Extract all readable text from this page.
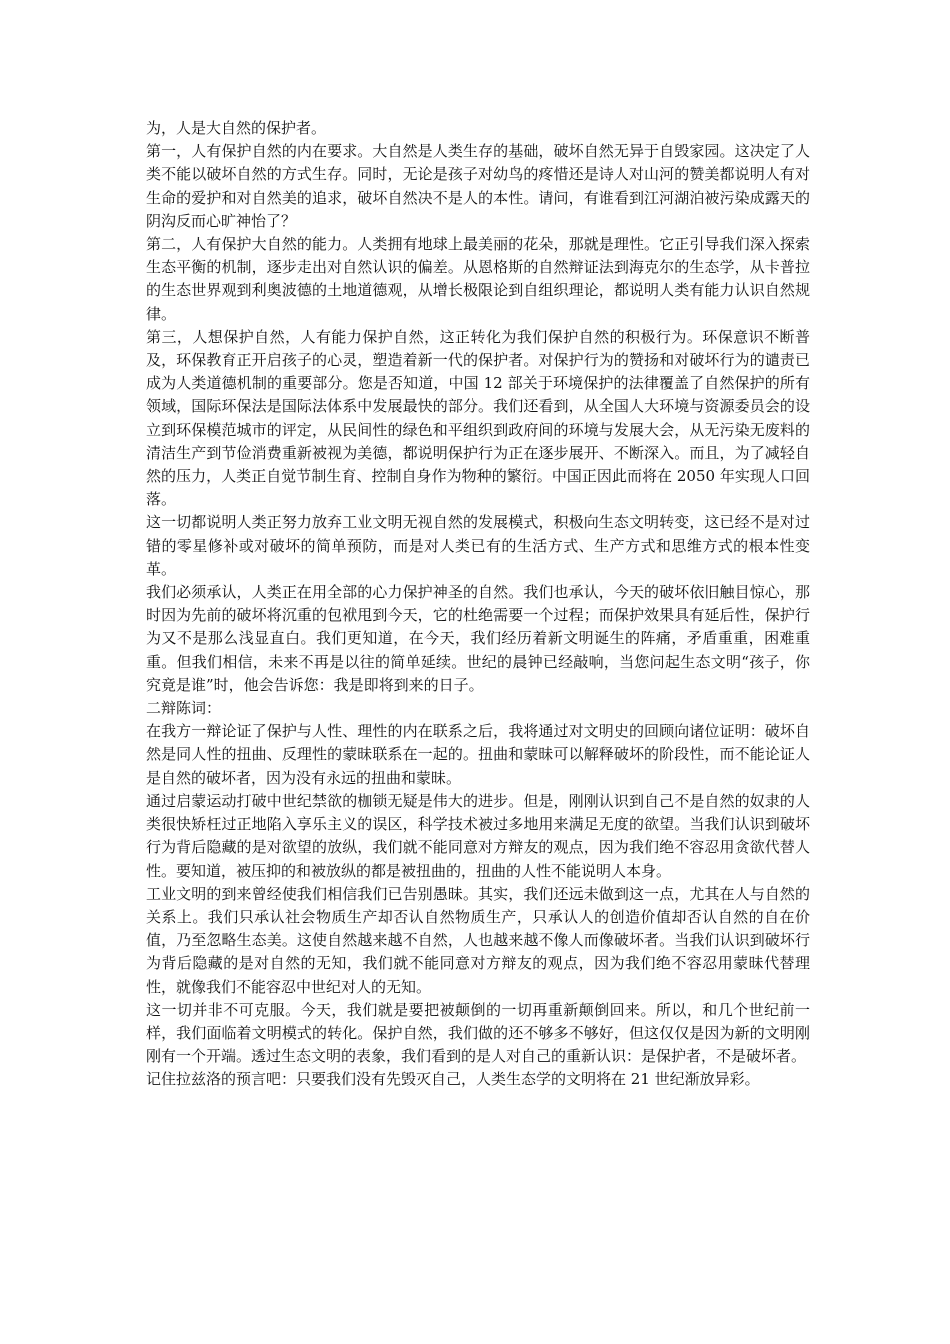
为，人是大自然的保护者。

第一，人有保护自然的内在要求。大自然是人类生存的基础，破坏自然无异于自毁家园。这决定了人类不能以破坏自然的方式生存。同时，无论是孩子对幼鸟的疼惜还是诗人对山河的赞美都说明人有对生命的爱护和对自然美的追求，破坏自然决不是人的本性。请问，有谁看到江河湖泊被污染成露天的阴沟反而心旷神怡了？

第二，人有保护大自然的能力。人类拥有地球上最美丽的花朵，那就是理性。它正引导我们深入探索生态平衡的机制，逐步走出对自然认识的偏差。从恩格斯的自然辩证法到海克尔的生态学，从卡普拉的生态世界观到利奥波德的土地道德观，从增长极限论到自组织理论，都说明人类有能力认识自然规律。

第三，人想保护自然，人有能力保护自然，这正转化为我们保护自然的积极行为。环保意识不断普及，环保教育正开启孩子的心灵，塑造着新一代的保护者。对保护行为的赞扬和对破坏行为的谴责已成为人类道德机制的重要部分。您是否知道，中国 12 部关于环境保护的法律覆盖了自然保护的所有领域，国际环保法是国际法体系中发展最快的部分。我们还看到，从全国人大环境与资源委员会的设立到环保模范城市的评定，从民间性的绿色和平组织到政府间的环境与发展大会，从无污染无废料的清洁生产到节俭消费重新被视为美德，都说明保护行为正在逐步展开、不断深入。而且，为了减轻自然的压力，人类正自觉节制生育、控制自身作为物种的繁衍。中国正因此而将在 2050 年实现人口回落。

这一切都说明人类正努力放弃工业文明无视自然的发展模式，积极向生态文明转变，这已经不是对过错的零星修补或对破坏的简单预防，而是对人类已有的生活方式、生产方式和思维方式的根本性变革。

我们必须承认，人类正在用全部的心力保护神圣的自然。我们也承认，今天的破坏依旧触目惊心，那时因为先前的破坏将沉重的包袱甩到今天，它的杜绝需要一个过程；而保护效果具有延后性，保护行为又不是那么浅显直白。我们更知道，在今天，我们经历着新文明诞生的阵痛，矛盾重重，困难重重。但我们相信，未来不再是以往的简单延续。世纪的晨钟已经敲响，当您问起生态文明“孩子，你究竟是谁”时，他会告诉您：我是即将到来的日子。

二辩陈词：

在我方一辩论证了保护与人性、理性的内在联系之后，我将通过对文明史的回顾向诸位证明：破坏自然是同人性的扭曲、反理性的蒙昧联系在一起的。扭曲和蒙昧可以解释破坏的阶段性，而不能论证人是自然的破坏者，因为没有永远的扭曲和蒙昧。

通过启蒙运动打破中世纪禁欲的枷锁无疑是伟大的进步。但是，刚刚认识到自己不是自然的奴隶的人类很快矫枉过正地陷入享乐主义的误区，科学技术被过多地用来满足无度的欲望。当我们认识到破坏行为背后隐藏的是对欲望的放纵，我们就不能同意对方辩友的观点，因为我们绝不容忍用贪欲代替人性。要知道，被压抑的和被放纵的都是被扭曲的，扭曲的人性不能说明人本身。

工业文明的到来曾经使我们相信我们已告别愚昧。其实，我们还远未做到这一点，尤其在人与自然的关系上。我们只承认社会物质生产却否认自然物质生产，只承认人的创造价值却否认自然的自在价值，乃至忽略生态美。这使自然越来越不自然，人也越来越不像人而像破坏者。当我们认识到破坏行为背后隐藏的是对自然的无知，我们就不能同意对方辩友的观点，因为我们绝不容忍用蒙昧代替理性，就像我们不能容忍中世纪对人的无知。

这一切并非不可克服。今天，我们就是要把被颠倒的一切再重新颠倒回来。所以，和几个世纪前一样，我们面临着文明模式的转化。保护自然，我们做的还不够多不够好，但这仅仅是因为新的文明刚刚有一个开端。透过生态文明的表象，我们看到的是人对自己的重新认识：是保护者，不是破坏者。

记住拉兹洛的预言吧：只要我们没有先毁灭自己，人类生态学的文明将在 21 世纪渐放异彩。
